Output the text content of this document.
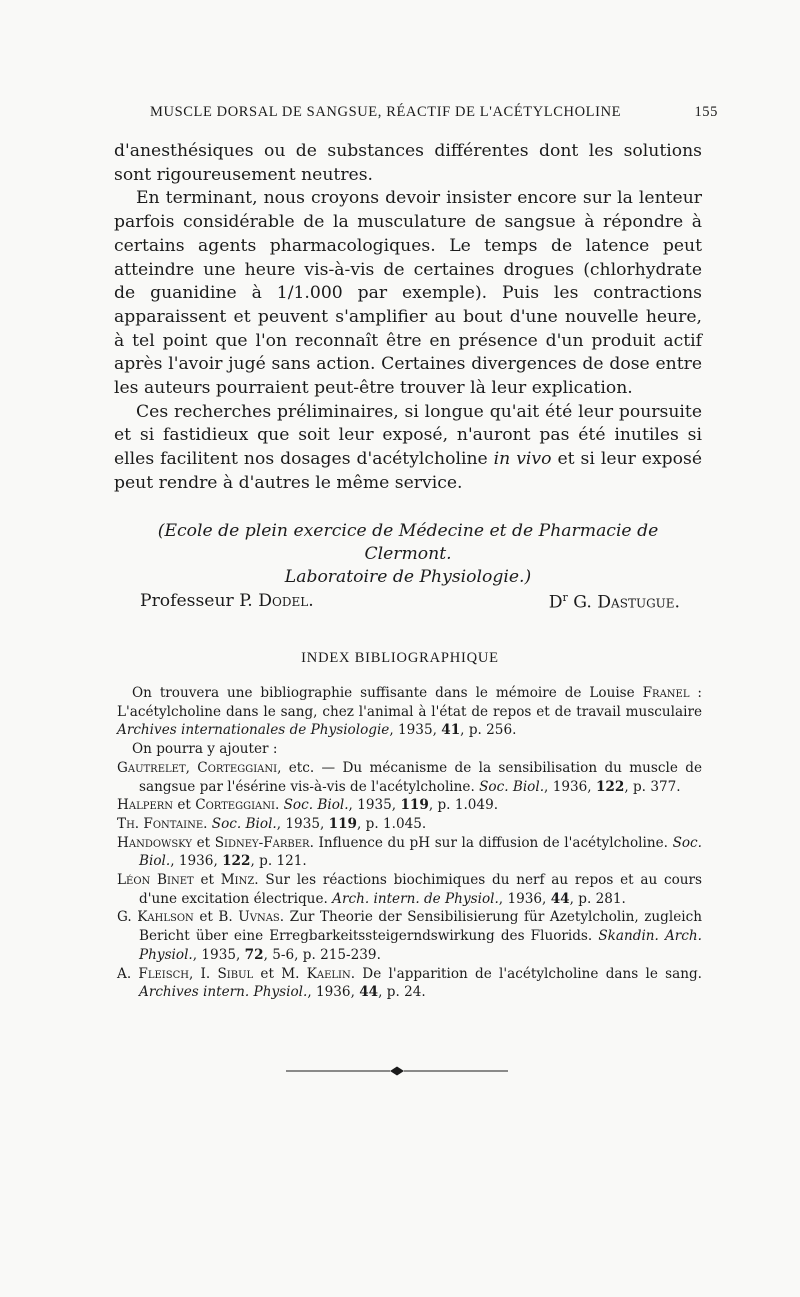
MUSCLE DORSAL DE SANGSUE, RÉACTIF DE L'ACÉTYLCHOLINE	155

d'anesthésiques ou de substances différentes dont les solutions sont rigoureusement neutres.

En terminant, nous croyons devoir insister encore sur la lenteur parfois considérable de la musculature de sangsue à répondre à certains agents pharmacologiques. Le temps de latence peut atteindre une heure vis-à-vis de certaines drogues (chlorhydrate de guanidine à 1/1.000 par exemple). Puis les contractions apparaissent et peuvent s'amplifier au bout d'une nouvelle heure, à tel point que l'on reconnaît être en présence d'un produit actif après l'avoir jugé sans action. Certaines divergences de dose entre les auteurs pourraient peut-être trouver là leur explication.

Ces recherches préliminaires, si longue qu'ait été leur poursuite et si fastidieux que soit leur exposé, n'auront pas été inutiles si elles facilitent nos dosages d'acétylcholine in vivo et si leur exposé peut rendre à d'autres le même service.

(Ecole de plein exercice de Médecine et de Pharmacie de Clermont.
Laboratoire de Physiologie.)
Professeur P. Dodel.	$D^r$ G. Dastugue.
INDEX BIBLIOGRAPHIQUE

On trouvera une bibliographie suffisante dans le mémoire de Louise Franel : L'acétylcholine dans le sang, chez l'animal à l'état de repos et de travail musculaire Archives internationales de Physiologie, 1935, 41, p. 256.

On pourra y ajouter :

Gautrelet, Corteggiani, etc. — Du mécanisme de la sensibilisation du muscle de sangsue par l'ésérine vis-à-vis de l'acétylcholine. Soc. Biol., 1936, 122, p. 377.

Halpern et Corteggiani. Soc. Biol., 1935, 119, p. 1.049.

Th. Fontaine. Soc. Biol., 1935, 119, p. 1.045.

Handowsky et Sidney-Farber. Influence du pH sur la diffusion de l'acétylcholine. Soc. Biol., 1936, 122, p. 121.

Léon Binet et Minz. Sur les réactions biochimiques du nerf au repos et au cours d'une excitation électrique. Arch. intern. de Physiol., 1936, 44, p. 281.

G. Kahlson et B. Uvnas. Zur Theorie der Sensibilisierung für Azetylcholin, zugleich Bericht über eine Erregbarkeitssteigerndswirkung des Fluorids. Skandin. Arch. Physiol., 1935, 72, 5-6, p. 215-239.

A. Fleisch, I. Sibul et M. Kaelin. De l'apparition de l'acétylcholine dans le sang. Archives intern. Physiol., 1936, 44, p. 24.
